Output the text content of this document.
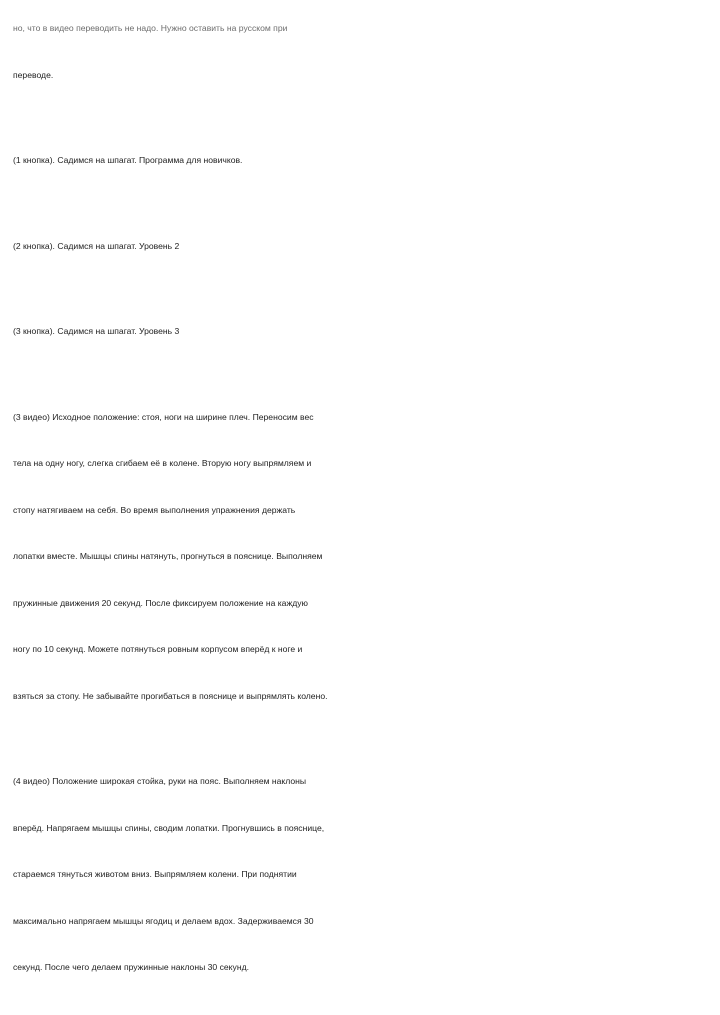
но, что в видео переводить не надо. Нужно оставить на русском при

переводе.

(1 кнопка). Садимся на шпагат. Программа для новичков.

(2 кнопка). Садимся на шпагат. Уровень 2

(3 кнопка). Садимся на шпагат. Уровень 3

(3 видео) Исходное положение: стоя, ноги на ширине плеч. Переносим вес

тела на одну ногу, слегка сгибаем её в колене. Вторую ногу выпрямляем и

стопу натягиваем на себя. Во время выполнения упражнения держать

лопатки вместе. Мышцы спины натянуть, прогнуться в пояснице. Выполняем

пружинные движения 20 секунд. После фиксируем положение на каждую

ногу по 10 секунд. Можете потянуться ровным корпусом вперёд к ноге и

взяться за стопу. Не забывайте прогибаться в пояснице и выпрямлять колено.

(4 видео) Положение широкая стойка, руки на пояс. Выполняем наклоны

вперёд. Напрягаем мышцы спины, сводим лопатки. Прогнувшись в пояснице,

стараемся тянуться животом вниз. Выпрямляем колени. При поднятии

максимально напрягаем мышцы ягодиц и делаем вдох. Задерживаемся 30

секунд. После чего делаем пружинные наклоны 30 секунд.
